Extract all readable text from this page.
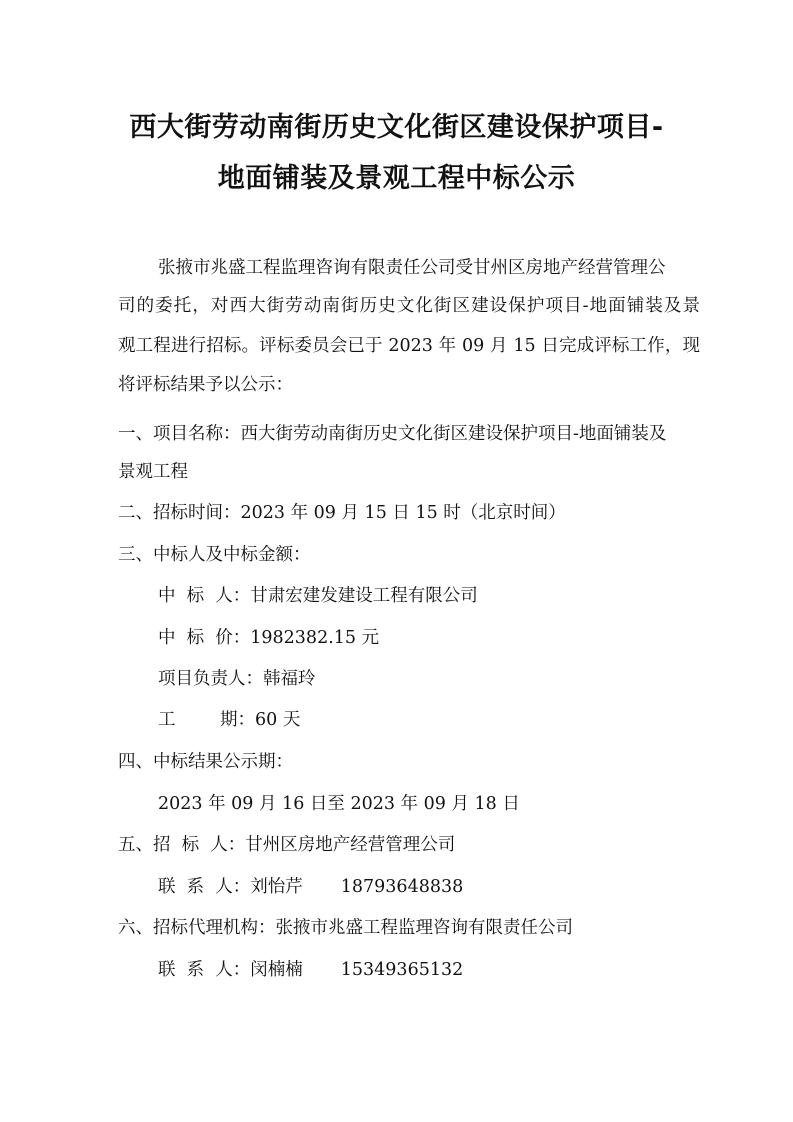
西大街劳动南街历史文化街区建设保护项目-
地面铺装及景观工程中标公示
张掖市兆盛工程监理咨询有限责任公司受甘州区房地产经营管理公
司的委托，对西大街劳动南街历史文化街区建设保护项目-地面铺装及景
观工程进行招标。评标委员会已于 2023 年 09 月 15 日完成评标工作，现
将评标结果予以公示：
一、项目名称：西大街劳动南街历史文化街区建设保护项目-地面铺装及
景观工程
二、招标时间：2023 年 09 月 15 日 15 时（北京时间）
三、中标人及中标金额：
中  标  人：甘肃宏建发建设工程有限公司
中  标  价：1982382.15 元
项目负责人：韩福玲
工        期：60 天
四、中标结果公示期：
2023 年 09 月 16 日至 2023 年 09 月 18 日
五、招  标  人：甘州区房地产经营管理公司
联  系  人：刘怡芹 18793648838
六、招标代理机构：张掖市兆盛工程监理咨询有限责任公司
联  系  人：闵楠楠 15349365132
